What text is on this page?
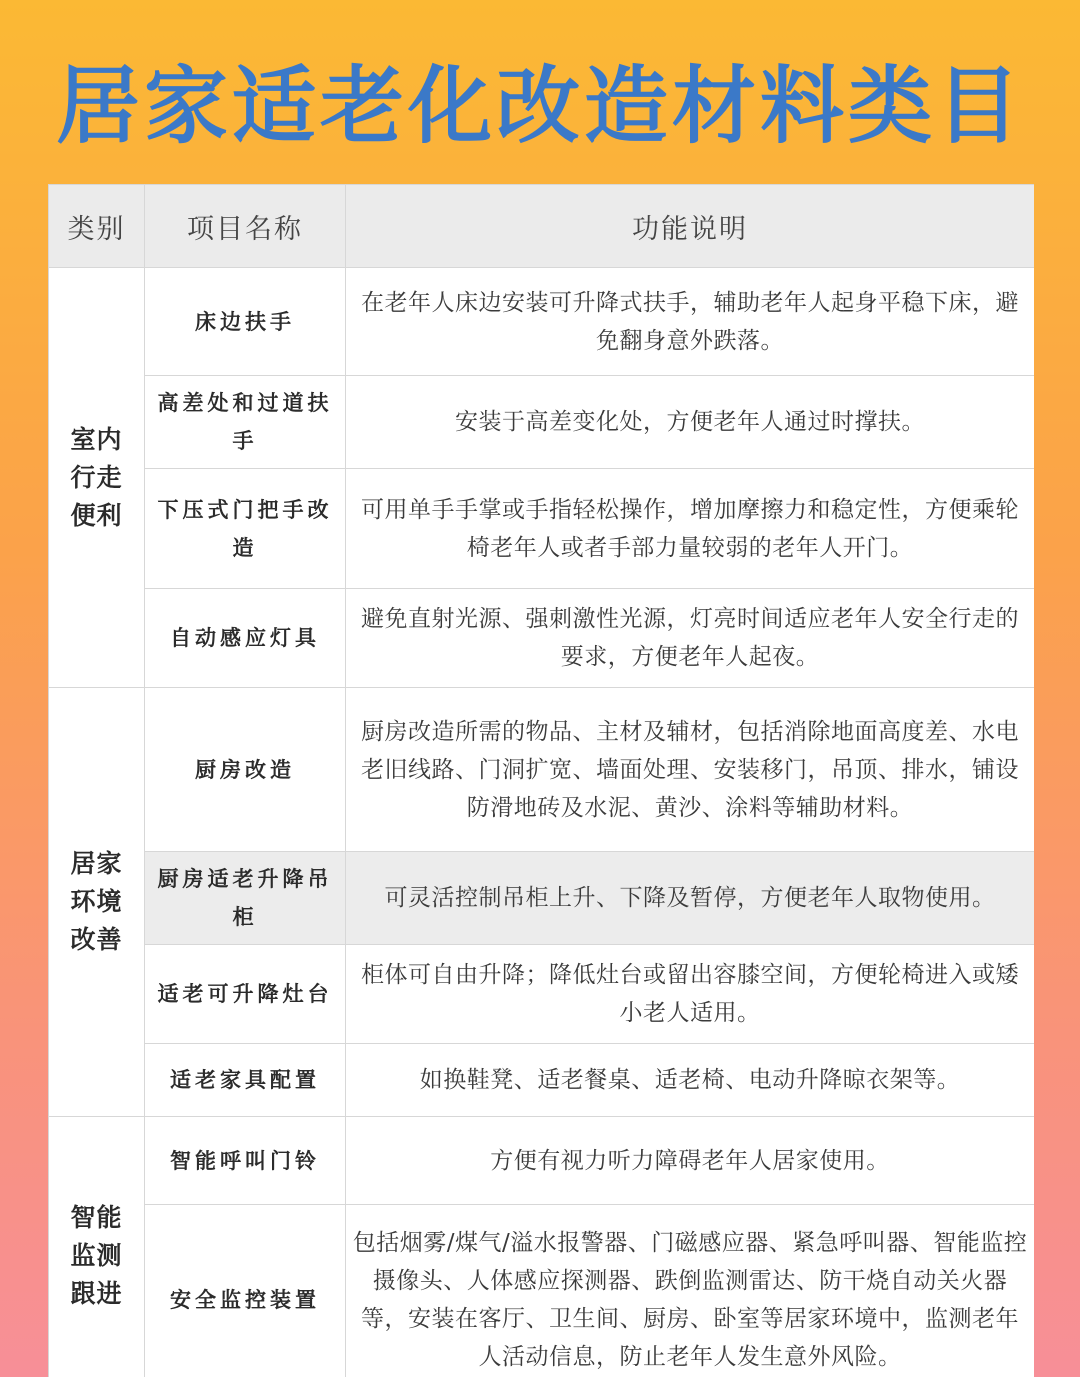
居家适老化改造材料类目
类别	项目名称	功能说明
室内行走便利	床边扶手	在老年人床边安装可升降式扶手，辅助老年人起身平稳下床，避免翻身意外跌落。
	高差处和过道扶手	安装于高差变化处，方便老年人通过时撑扶。
	下压式门把手改造	可用单手手掌或手指轻松操作，增加摩擦力和稳定性，方便乘轮椅老年人或者手部力量较弱的老年人开门。
	自动感应灯具	避免直射光源、强刺激性光源，灯亮时间适应老年人安全行走的要求，方便老年人起夜。
居家环境改善	厨房改造	厨房改造所需的物品、主材及辅材，包括消除地面高度差、水电老旧线路、门洞扩宽、墙面处理、安装移门，吊顶、排水，铺设防滑地砖及水泥、黄沙、涂料等辅助材料。
	厨房适老升降吊柜	可灵活控制吊柜上升、下降及暂停，方便老年人取物使用。
	适老可升降灶台	柜体可自由升降；降低灶台或留出容膝空间，方便轮椅进入或矮小老人适用。
	适老家具配置	如换鞋凳、适老餐桌、适老椅、电动升降晾衣架等。
智能监测跟进	智能呼叫门铃	方便有视力听力障碍老年人居家使用。
	安全监控装置	包括烟雾/煤气/溢水报警器、门磁感应器、紧急呼叫器、智能监控摄像头、人体感应探测器、跌倒监测雷达、防干烧自动关火器等，安装在客厅、卫生间、厨房、卧室等居家环境中，监测老年人活动信息，防止老年人发生意外风险。
